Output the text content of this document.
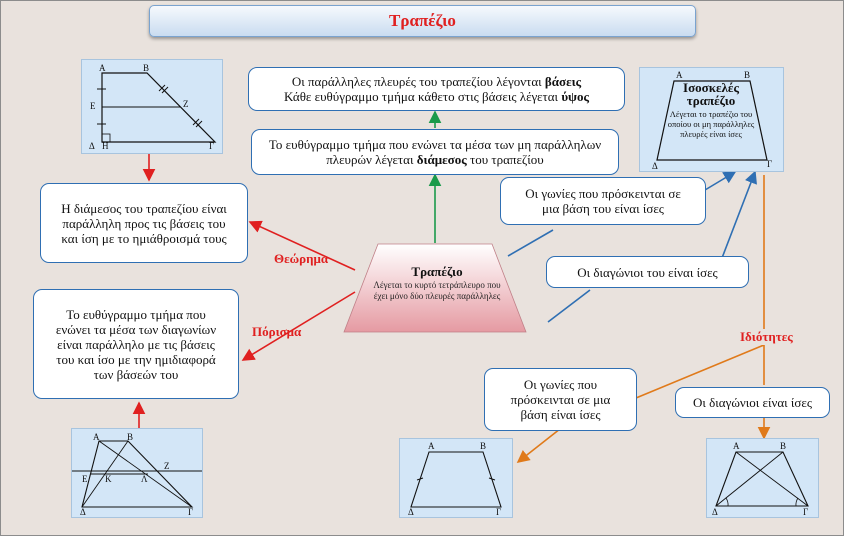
Τραπέζιο
Τραπέζιο
Λέγεται το κυρτό τετράπλευρο που έχει μόνο δύο πλευρές παράλληλες
Οι παράλληλες πλευρές του τραπεζίου λέγονται βάσεις
Κάθε ευθύγραμμο τμήμα κάθετο στις βάσεις λέγεται ύψος
Το ευθύγραμμο τμήμα που ενώνει τα μέσα των μη παράλληλων πλευρών λέγεται διάμεσος του τραπεζίου
Η διάμεσος του τραπεζίου είναι παράλληλη προς τις βάσεις του και ίση με το ημιάθροισμά τους
Το ευθύγραμμο τμήμα που ενώνει τα μέσα των διαγωνίων είναι παράλληλο με τις βάσεις του και ίσο με την ημιδιαφορά των βάσεών του
Οι γωνίες που πρόσκεινται σε μια βάση του είναι ίσες
Οι διαγώνιοι του είναι ίσες
Οι γωνίες που πρόσκεινται σε μια βάση είναι ίσες
Οι διαγώνιοι είναι ίσες
Θεώρημα
Πόρισμα	Ιδιότητες
Α	Β
Ε	Ζ
Δ Η	Γ
Α	Β
Δ	Γ
Ισοσκελές τραπέζιο
Λέγεται το τραπέζιο του οποίου οι μη παράλληλες πλευρές είναι ίσες
Α	Β
Ε Κ	Λ
Ζ
Δ	Γ
Α	Β
Δ	Γ
Α	Β
Δ	Γ
